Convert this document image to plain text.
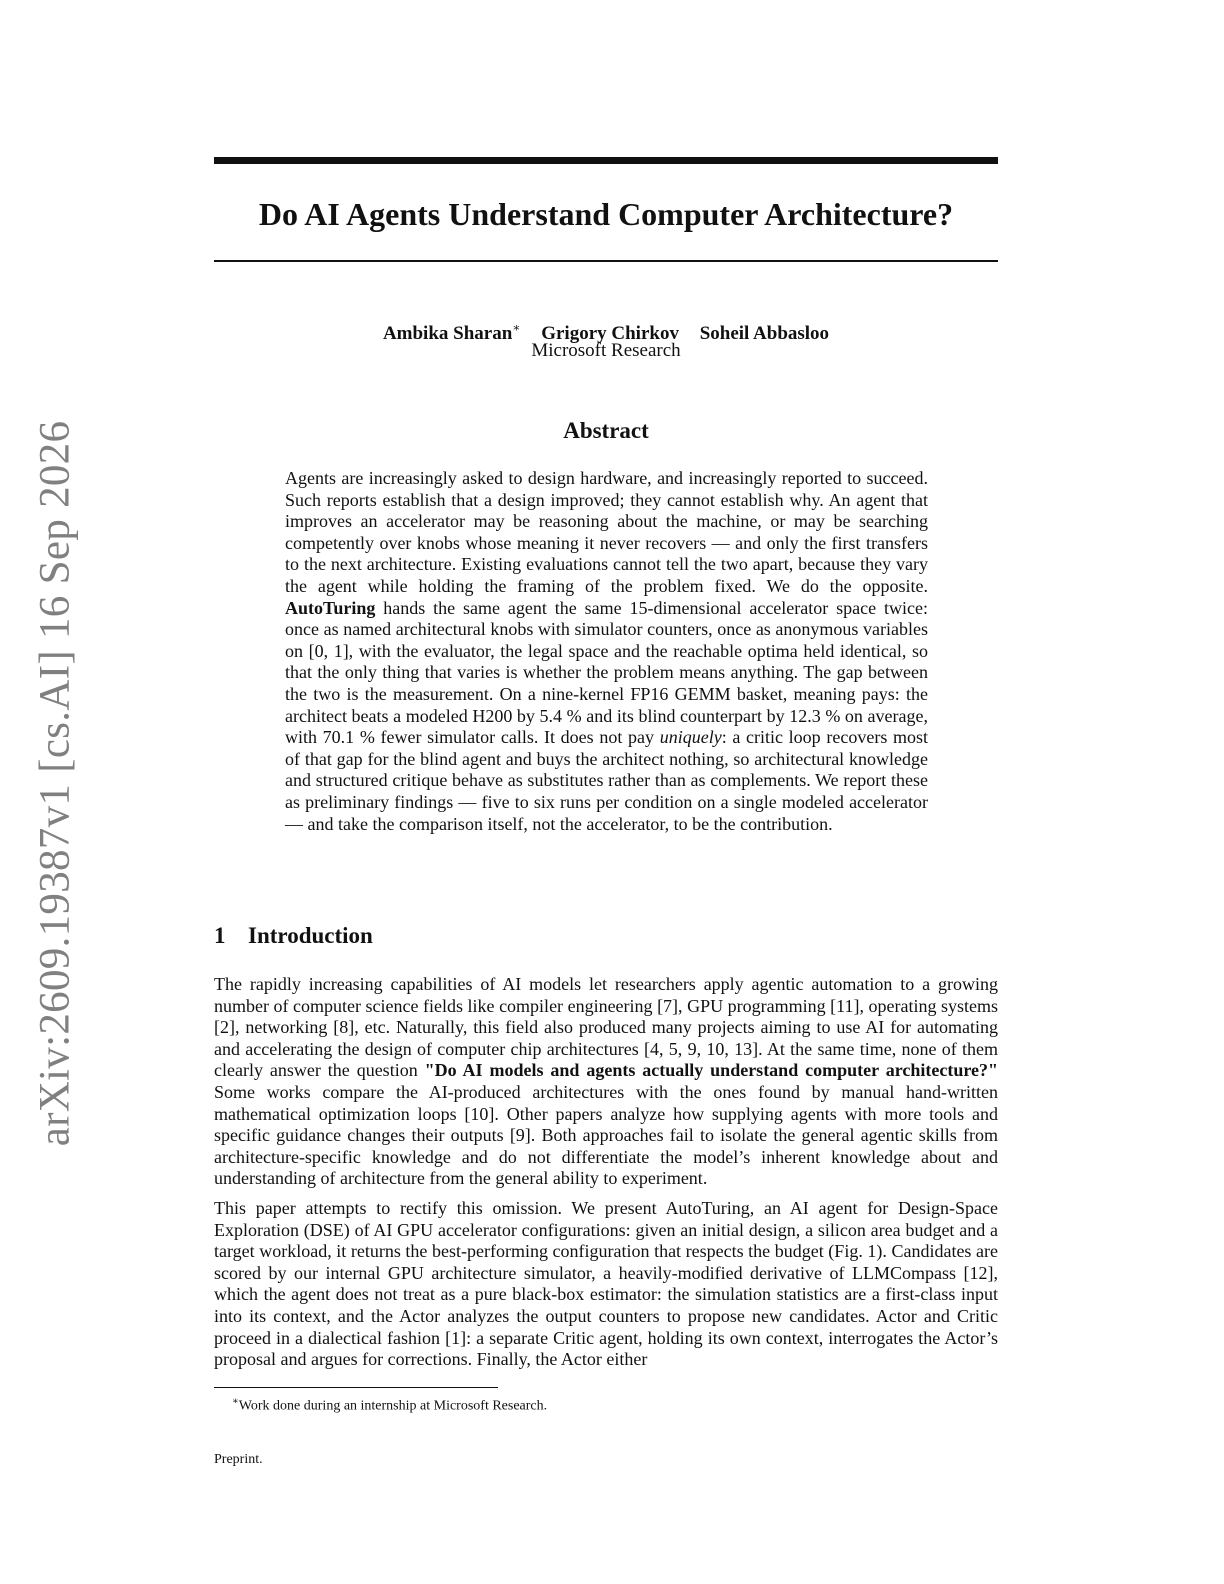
arXiv:2609.19387v1 [cs.AI] 16 Sep 2026
Do AI Agents Understand Computer Architecture?
Ambika Sharan∗ Grigory Chirkov Soheil Abbasloo
Microsoft Research
Abstract

Agents are increasingly asked to design hardware, and increasingly reported to succeed. Such reports establish that a design improved; they cannot establish why. An agent that improves an accelerator may be reasoning about the machine, or may be searching competently over knobs whose meaning it never recovers — and only the first transfers to the next architecture. Existing evaluations cannot tell the two apart, because they vary the agent while holding the framing of the problem fixed. We do the opposite. AutoTuring hands the same agent the same 15-dimensional accelerator space twice: once as named architectural knobs with simulator counters, once as anonymous variables on [0, 1], with the evaluator, the legal space and the reachable optima held identical, so that the only thing that varies is whether the problem means anything. The gap between the two is the measurement. On a nine-kernel FP16 GEMM basket, meaning pays: the architect beats a modeled H200 by 5.4 % and its blind counterpart by 12.3 % on average, with 70.1 % fewer simulator calls. It does not pay uniquely: a critic loop recovers most of that gap for the blind agent and buys the architect nothing, so architectural knowledge and structured critique behave as substitutes rather than as complements. We report these as preliminary findings — five to six runs per condition on a single modeled accelerator — and take the comparison itself, not the accelerator, to be the contribution.

1 Introduction

The rapidly increasing capabilities of AI models let researchers apply agentic automation to a growing number of computer science fields like compiler engineering [7], GPU programming [11], operating systems [2], networking [8], etc. Naturally, this field also produced many projects aiming to use AI for automating and accelerating the design of computer chip architectures [4, 5, 9, 10, 13]. At the same time, none of them clearly answer the question "Do AI models and agents actually understand computer architecture?" Some works compare the AI-produced architectures with the ones found by manual hand-written mathematical optimization loops [10]. Other papers analyze how supplying agents with more tools and specific guidance changes their outputs [9]. Both approaches fail to isolate the general agentic skills from architecture-specific knowledge and do not differentiate the model’s inherent knowledge about and understanding of architecture from the general ability to experiment.

This paper attempts to rectify this omission. We present AutoTuring, an AI agent for Design-Space Exploration (DSE) of AI GPU accelerator configurations: given an initial design, a silicon area budget and a target workload, it returns the best-performing configuration that respects the budget (Fig. 1). Candidates are scored by our internal GPU architecture simulator, a heavily-modified derivative of LLMCompass [12], which the agent does not treat as a pure black-box estimator: the simulation statistics are a first-class input into its context, and the Actor analyzes the output counters to propose new candidates. Actor and Critic proceed in a dialectical fashion [1]: a separate Critic agent, holding its own context, interrogates the Actor’s proposal and argues for corrections. Finally, the Actor either

∗Work done during an internship at Microsoft Research.
Preprint.
